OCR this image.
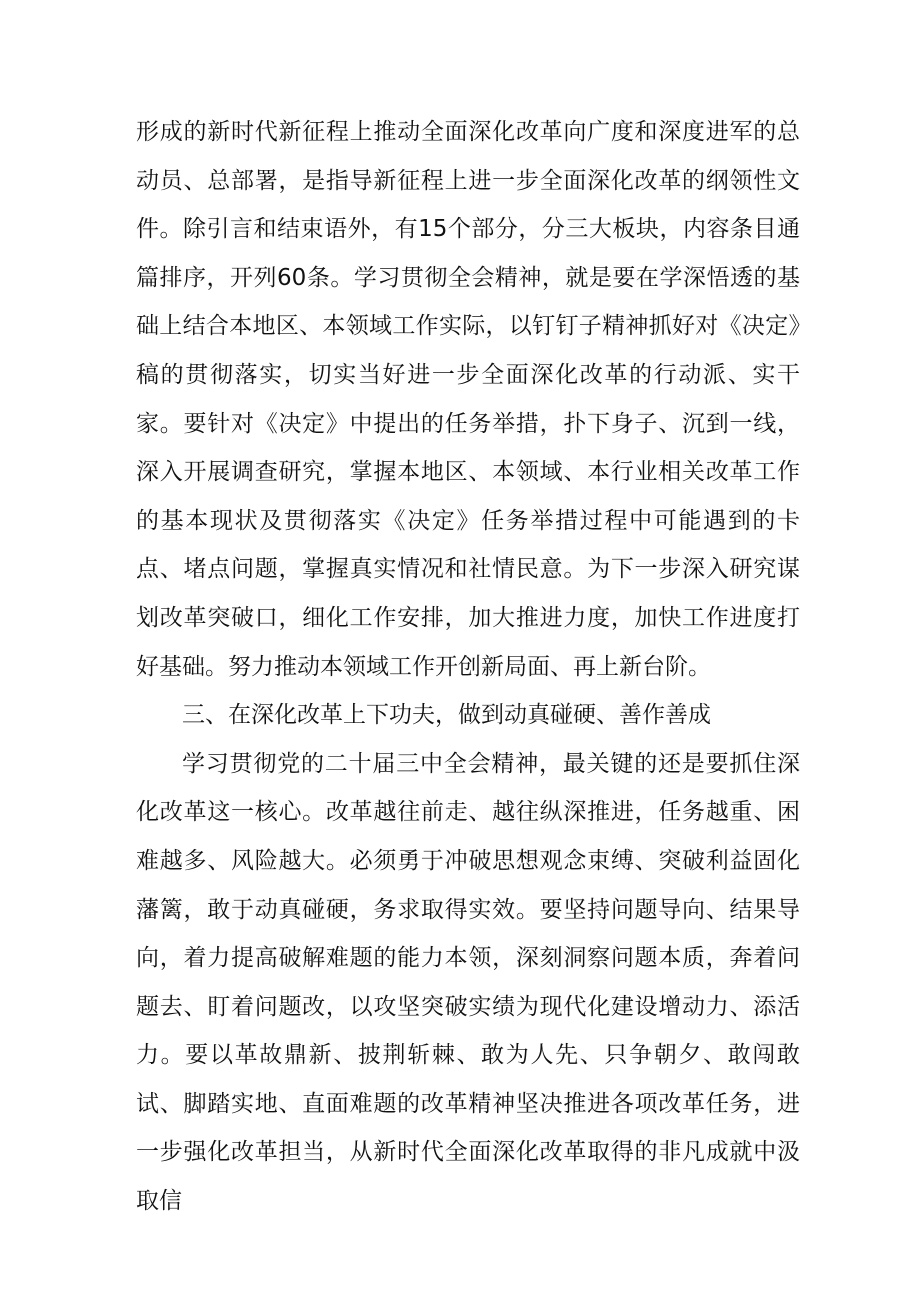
形成的新时代新征程上推动全面深化改革向广度和深度进军的总动员、总部署，是指导新征程上进一步全面深化改革的纲领性文件。除引言和结束语外，有15个部分，分三大板块，内容条目通篇排序，开列60条。学习贯彻全会精神，就是要在学深悟透的基础上结合本地区、本领域工作实际，以钉钉子精神抓好对《决定》稿的贯彻落实，切实当好进一步全面深化改革的行动派、实干家。要针对《决定》中提出的任务举措，扑下身子、沉到一线，深入开展调查研究，掌握本地区、本领域、本行业相关改革工作的基本现状及贯彻落实《决定》任务举措过程中可能遇到的卡点、堵点问题，掌握真实情况和社情民意。为下一步深入研究谋划改革突破口，细化工作安排，加大推进力度，加快工作进度打好基础。努力推动本领域工作开创新局面、再上新台阶。

三、在深化改革上下功夫，做到动真碰硬、善作善成

学习贯彻党的二十届三中全会精神，最关键的还是要抓住深化改革这一核心。改革越往前走、越往纵深推进，任务越重、困难越多、风险越大。必须勇于冲破思想观念束缚、突破利益固化藩篱，敢于动真碰硬，务求取得实效。要坚持问题导向、结果导向，着力提高破解难题的能力本领，深刻洞察问题本质，奔着问题去、盯着问题改，以攻坚突破实绩为现代化建设增动力、添活力。要以革故鼎新、披荆斩棘、敢为人先、只争朝夕、敢闯敢试、脚踏实地、直面难题的改革精神坚决推进各项改革任务，进一步强化改革担当，从新时代全面深化改革取得的非凡成就中汲取信
